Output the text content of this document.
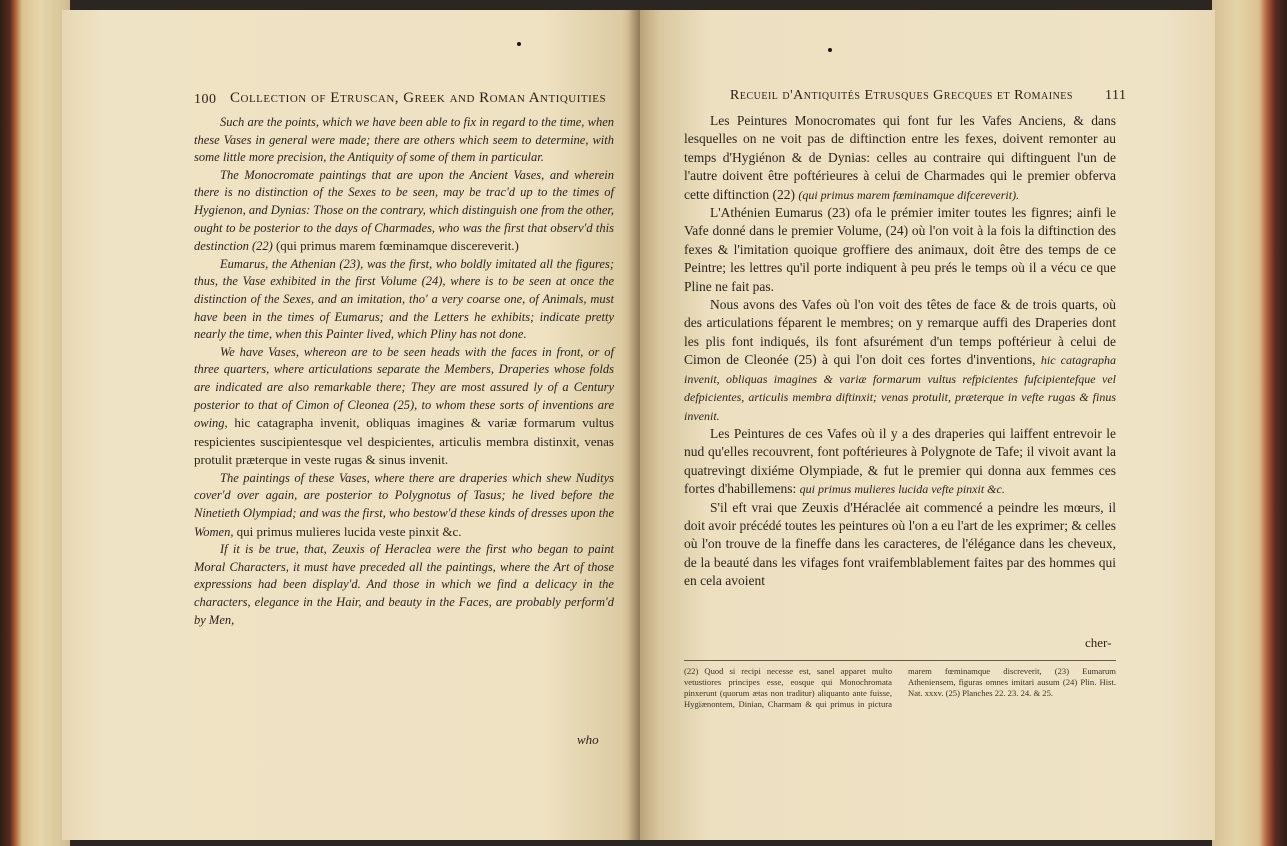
100 Collection of Etruscan, Greek and Roman Antiquities

Such are the points, which we have been able to fix in regard to the time, when these Vases in general were made; there are others which seem to determine, with some little more precision, the Antiquity of some of them in particular.

The Monocromate paintings that are upon the Ancient Vases, and wherein there is no distinction of the Sexes to be seen, may be trac'd up to the times of Hygienon, and Dynias: Those on the contrary, which distinguish one from the other, ought to be posterior to the days of Charmades, who was the first that observ'd this destinction (22) (qui primus marem fœminamque discereverit.)

Eumarus, the Athenian (23), was the first, who boldly imitated all the figures; thus, the Vase exhibited in the first Volume (24), where is to be seen at once the distinction of the Sexes, and an imitation, tho' a very coarse one, of Animals, must have been in the times of Eumarus; and the Letters he exhibits; indicate pretty nearly the time, when this Painter lived, which Pliny has not done.

We have Vases, whereon are to be seen heads with the faces in front, or of three quarters, where articulations separate the Members, Draperies whose folds are indicated are also remarkable there; They are most assured ly of a Century posterior to that of Cimon of Cleonea (25), to whom these sorts of inventions are owing, hic catagrapha invenit, obliquas imagines & variæ formarum vultus respicientes suscipientesque vel despicientes, articulis membra distinxit, venas protulit præterque in veste rugas & sinus invenit.

The paintings of these Vases, where there are draperies which shew Nuditys cover'd over again, are posterior to Polygnotus of Tasus; he lived before the Ninetieth Olympiad; and was the first, who bestow'd these kinds of dresses upon the Women, qui primus mulieres lucida veste pinxit &c.

If it is be true, that, Zeuxis of Heraclea were the first who began to paint Moral Characters, it must have preceded all the paintings, where the Art of those expressions had been display'd. And those in which we find a delicacy in the characters, elegance in the Hair, and beauty in the Faces, are probably perform'd by Men,

who
Recueil d'Antiquités Etrusques Grecques et Romaines 111

Les Peintures Monocromates qui font fur les Vafes Anciens, & dans lesquelles on ne voit pas de diftinction entre les fexes, doivent remonter au temps d'Hygiénon & de Dynias: celles au contraire qui diftinguent l'un de l'autre doivent être poftérieures à celui de Charmades qui le premier obferva cette diftinction (22) (qui primus marem fœminamque difcereverit).

L'Athénien Eumarus (23) ofa le prémier imiter toutes les fignres; ainfi le Vafe donné dans le premier Volume, (24) où l'on voit à la fois la diftinction des fexes & l'imitation quoique groffiere des animaux, doit être des temps de ce Peintre; les lettres qu'il porte indiquent à peu prés le temps où il a vécu ce que Pline ne fait pas.

Nous avons des Vafes où l'on voit des têtes de face & de trois quarts, où des articulations féparent le membres; on y remarque auffi des Draperies dont les plis font indiqués, ils font afsurément d'un temps poftérieur à celui de Cimon de Cleonée (25) à qui l'on doit ces fortes d'inventions, hic catagrapha invenit, obliquas imagines & variæ formarum vultus refpicientes fufcipientefque vel defpicientes, articulis membra diftinxit; venas protulit, præterque in vefte rugas & finus invenit.

Les Peintures de ces Vafes où il y a des draperies qui laiffent entrevoir le nud qu'elles recouvrent, font poftérieures à Polygnote de Tafe; il vivoit avant la quatrevingt dixiéme Olympiade, & fut le premier qui donna aux femmes ces fortes d'habillemens: qui primus mulieres lucida vefte pinxit &c.

S'il eft vrai que Zeuxis d'Héraclée ait commencé a peindre les mœurs, il doit avoir précédé toutes les peintures où l'on a eu l'art de les exprimer; & celles où l'on trouve de la fineffe dans les caracteres, de l'élégance dans les cheveux, de la beauté dans les vifages font vraifemblablement faites par des hommes qui en cela avoient

cher-
(22) Quod si recipi necesse est, sanel apparet multo vetustiores principes esse, eosque qui Monochromata pinxerunt (quorum ætas non traditur) aliquanto ante fuisse, Hygiænontem, Dinian, Charmam & qui primus in pictura marem fœminamque discreverit, (23) Eumarum Atheniensem, figuras omnes imitari ausum (24) Plin. Hist. Nat. xxxv. (25) Planches 22. 23. 24. & 25.
